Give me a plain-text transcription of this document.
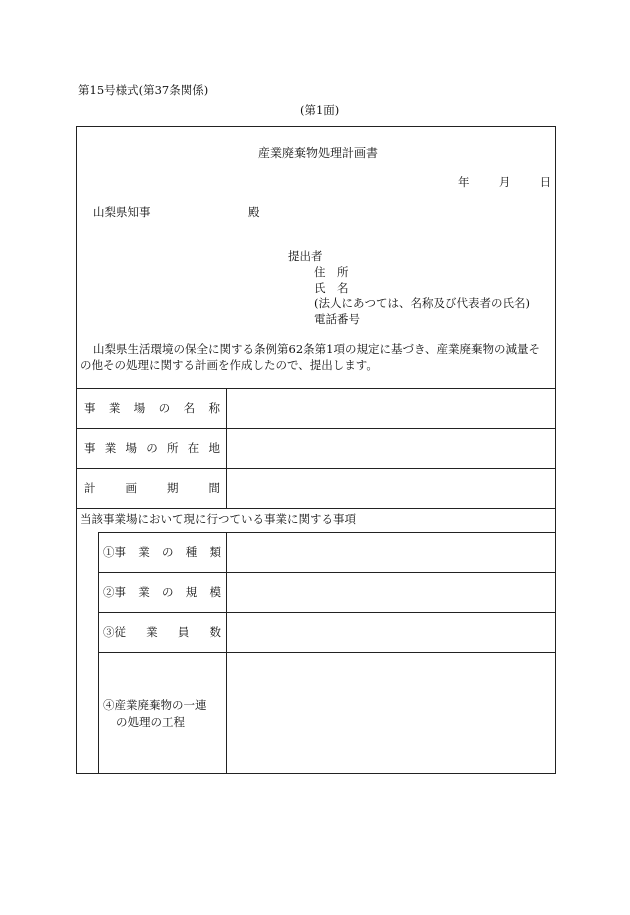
第15号様式(第37条関係)
(第1面)
産業廃棄物処理計画書
年	月	日
山梨県知事	殿
提出者
住　所
氏　名
(法人にあつては、名称及び代表者の氏名)
電話番号
山梨県生活環境の保全に関する条例第62条第1項の規定に基づき、産業廃棄物の減量そ
の他その処理に関する計画を作成したので、提出します。
事 業 場 の 名 称
事 業 場 の 所 在 地
計	画	期	間
当該事業場において現に行つている事業に関する事項
①事 業 の 種 類
②事 業 の 規 模
③従 業 員 数
④産業廃棄物の一連
の処理の工程
